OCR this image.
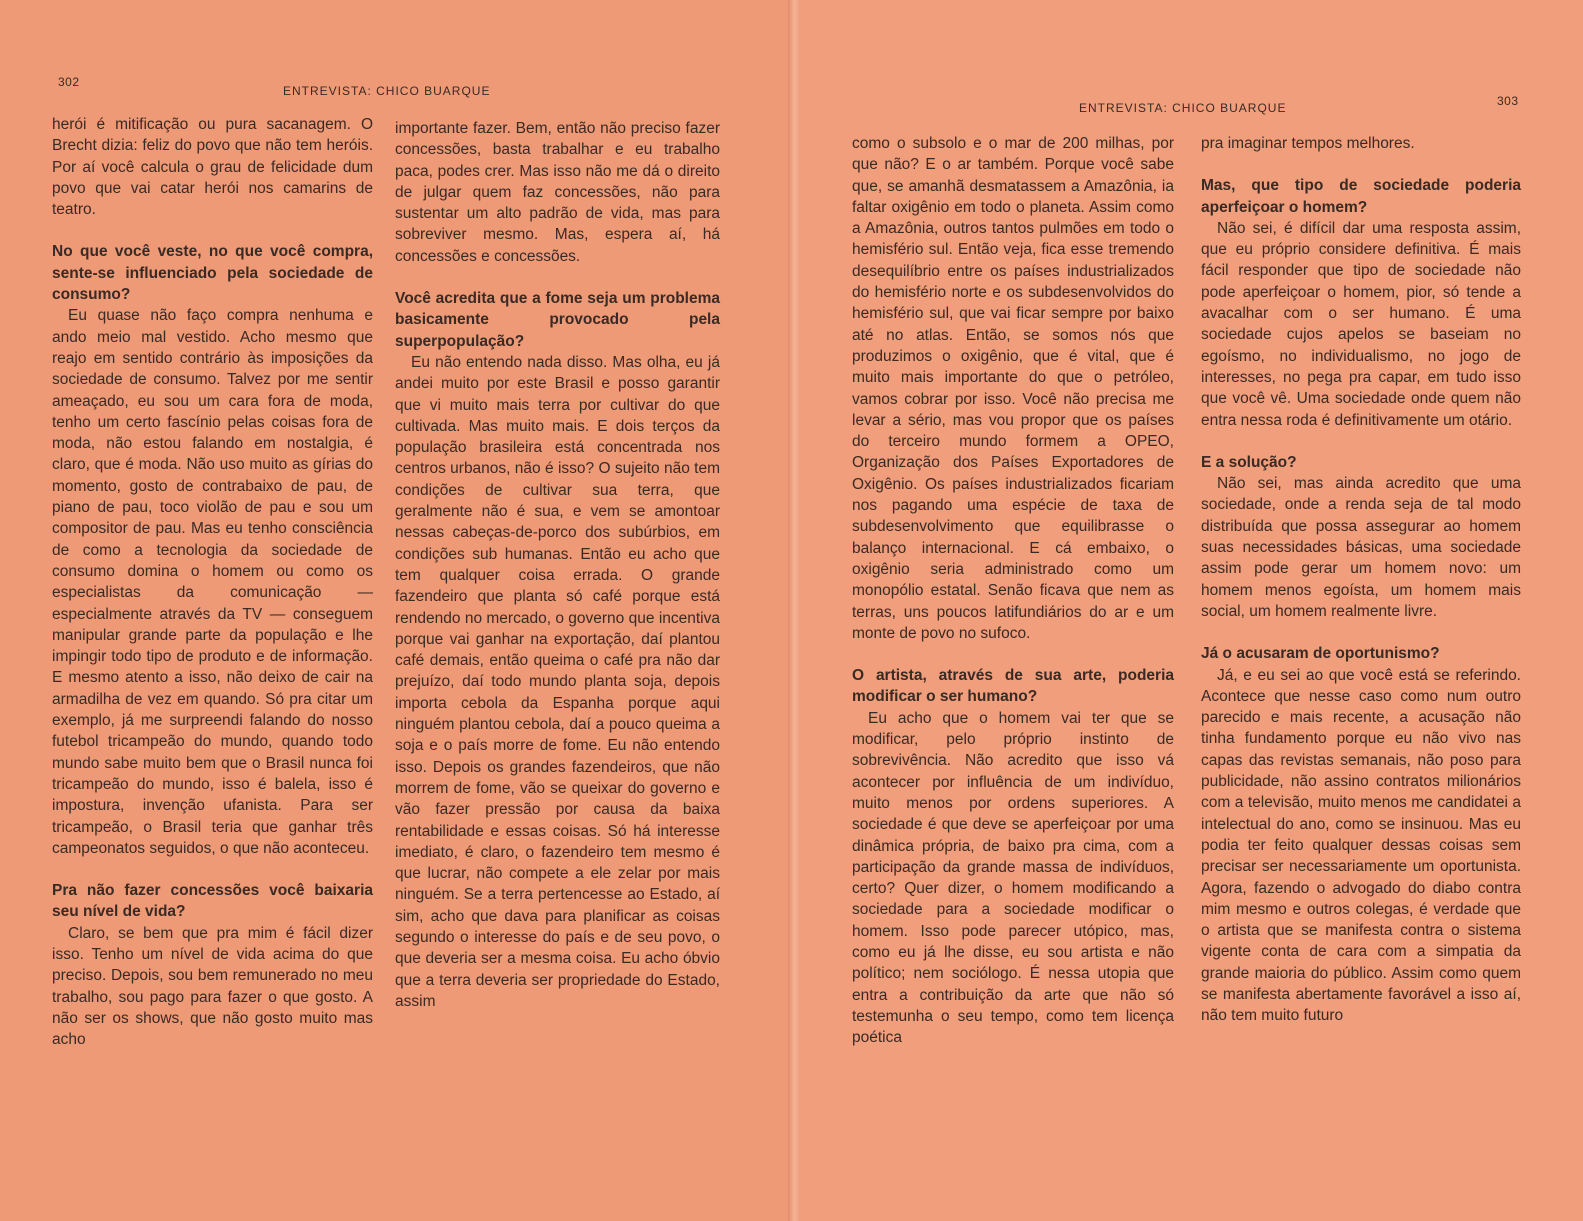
302
ENTREVISTA: CHICO BUARQUE

herói é mitificação ou pura sacanagem. O Brecht dizia: feliz do povo que não tem heróis. Por aí você calcula o grau de felicidade dum povo que vai catar herói nos camarins de teatro.

No que você veste, no que você compra, sente-se influenciado pela sociedade de consumo?

Eu quase não faço compra nenhuma e ando meio mal vestido. Acho mesmo que reajo em sentido contrário às imposições da sociedade de consumo. Talvez por me sentir ameaçado, eu sou um cara fora de moda, tenho um certo fascínio pelas coisas fora de moda, não estou falando em nostalgia, é claro, que é moda. Não uso muito as gírias do momento, gosto de contrabaixo de pau, de piano de pau, toco violão de pau e sou um compositor de pau. Mas eu tenho consciência de como a tecnologia da sociedade de consumo domina o homem ou como os especialistas da comunicação — especialmente através da TV — conseguem manipular grande parte da população e lhe impingir todo tipo de produto e de informação. E mesmo atento a isso, não deixo de cair na armadilha de vez em quando. Só pra citar um exemplo, já me surpreendi falando do nosso futebol tricampeão do mundo, quando todo mundo sabe muito bem que o Brasil nunca foi tricampeão do mundo, isso é balela, isso é impostura, invenção ufanista. Para ser tricampeão, o Brasil teria que ganhar três campeonatos seguidos, o que não aconteceu.

Pra não fazer concessões você baixaria seu nível de vida?

Claro, se bem que pra mim é fácil dizer isso. Tenho um nível de vida acima do que preciso. Depois, sou bem remunerado no meu trabalho, sou pago para fazer o que gosto. A não ser os shows, que não gosto muito mas acho

importante fazer. Bem, então não preciso fazer concessões, basta trabalhar e eu trabalho paca, podes crer. Mas isso não me dá o direito de julgar quem faz concessões, não para sustentar um alto padrão de vida, mas para sobreviver mesmo. Mas, espera aí, há concessões e concessões.

Você acredita que a fome seja um problema basicamente provocado pela superpopulação?

Eu não entendo nada disso. Mas olha, eu já andei muito por este Brasil e posso garantir que vi muito mais terra por cultivar do que cultivada. Mas muito mais. E dois terços da população brasileira está concentrada nos centros urbanos, não é isso? O sujeito não tem condições de cultivar sua terra, que geralmente não é sua, e vem se amontoar nessas cabeças-de-porco dos subúrbios, em condições sub humanas. Então eu acho que tem qualquer coisa errada. O grande fazendeiro que planta só café porque está rendendo no mercado, o governo que incentiva porque vai ganhar na exportação, daí plantou café demais, então queima o café pra não dar prejuízo, daí todo mundo planta soja, depois importa cebola da Espanha porque aqui ninguém plantou cebola, daí a pouco queima a soja e o país morre de fome. Eu não entendo isso. Depois os grandes fazendeiros, que não morrem de fome, vão se queixar do governo e vão fazer pressão por causa da baixa rentabilidade e essas coisas. Só há interesse imediato, é claro, o fazendeiro tem mesmo é que lucrar, não compete a ele zelar por mais ninguém. Se a terra pertencesse ao Estado, aí sim, acho que dava para planificar as coisas segundo o interesse do país e de seu povo, o que deveria ser a mesma coisa. Eu acho óbvio que a terra deveria ser propriedade do Estado, assim

ENTREVISTA: CHICO BUARQUE	303

como o subsolo e o mar de 200 milhas, por que não? E o ar também. Porque você sabe que, se amanhã desmatassem a Amazônia, ia faltar oxigênio em todo o planeta. Assim como a Amazônia, outros tantos pulmões em todo o hemisfério sul. Então veja, fica esse tremendo desequilíbrio entre os países industrializados do hemisfério norte e os subdesenvolvidos do hemisfério sul, que vai ficar sempre por baixo até no atlas. Então, se somos nós que produzimos o oxigênio, que é vital, que é muito mais importante do que o petróleo, vamos cobrar por isso. Você não precisa me levar a sério, mas vou propor que os países do terceiro mundo formem a OPEO, Organização dos Países Exportadores de Oxigênio. Os países industrializados ficariam nos pagando uma espécie de taxa de subdesenvolvimento que equilibrasse o balanço internacional. E cá embaixo, o oxigênio seria administrado como um monopólio estatal. Senão ficava que nem as terras, uns poucos latifundiários do ar e um monte de povo no sufoco.

O artista, através de sua arte, poderia modificar o ser humano?

Eu acho que o homem vai ter que se modificar, pelo próprio instinto de sobrevivência. Não acredito que isso vá acontecer por influência de um indivíduo, muito menos por ordens superiores. A sociedade é que deve se aperfeiçoar por uma dinâmica própria, de baixo pra cima, com a participação da grande massa de indivíduos, certo? Quer dizer, o homem modificando a sociedade para a sociedade modificar o homem. Isso pode parecer utópico, mas, como eu já lhe disse, eu sou artista e não político; nem sociólogo. É nessa utopia que entra a contribuição da arte que não só testemunha o seu tempo, como tem licença poética

pra imaginar tempos melhores.

Mas, que tipo de sociedade poderia aperfeiçoar o homem?

Não sei, é difícil dar uma resposta assim, que eu próprio considere definitiva. É mais fácil responder que tipo de sociedade não pode aperfeiçoar o homem, pior, só tende a avacalhar com o ser humano. É uma sociedade cujos apelos se baseiam no egoísmo, no individualismo, no jogo de interesses, no pega pra capar, em tudo isso que você vê. Uma sociedade onde quem não entra nessa roda é definitivamente um otário.

E a solução?

Não sei, mas ainda acredito que uma sociedade, onde a renda seja de tal modo distribuída que possa assegurar ao homem suas necessidades básicas, uma sociedade assim pode gerar um homem novo: um homem menos egoísta, um homem mais social, um homem realmente livre.

Já o acusaram de oportunismo?

Já, e eu sei ao que você está se referindo. Acontece que nesse caso como num outro parecido e mais recente, a acusação não tinha fundamento porque eu não vivo nas capas das revistas semanais, não poso para publicidade, não assino contratos milionários com a televisão, muito menos me candidatei a intelectual do ano, como se insinuou. Mas eu podia ter feito qualquer dessas coisas sem precisar ser necessariamente um oportunista. Agora, fazendo o advogado do diabo contra mim mesmo e outros colegas, é verdade que o artista que se manifesta contra o sistema vigente conta de cara com a simpatia da grande maioria do público. Assim como quem se manifesta abertamente favorável a isso aí, não tem muito futuro
